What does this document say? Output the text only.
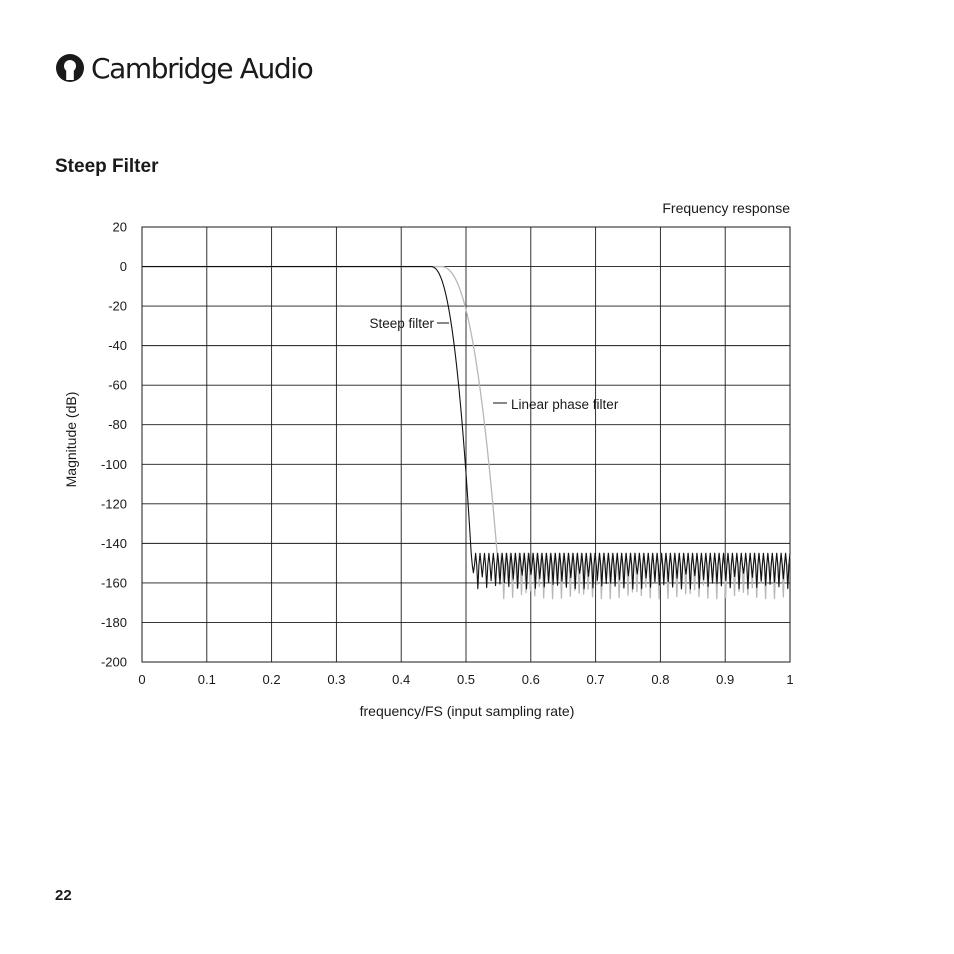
Cambridge Audio
Steep Filter
Frequency response
0	0.1	0.2	0.3	0.4	0.5	0.6	0.7	0.8	0.9	1
20
0
-20
-40
-60
-80
-100
-120
-140
-160
-180
-200
frequency/FS (input sampling rate)
Magnitude (dB)
Steep filter
Linear phase filter
22
